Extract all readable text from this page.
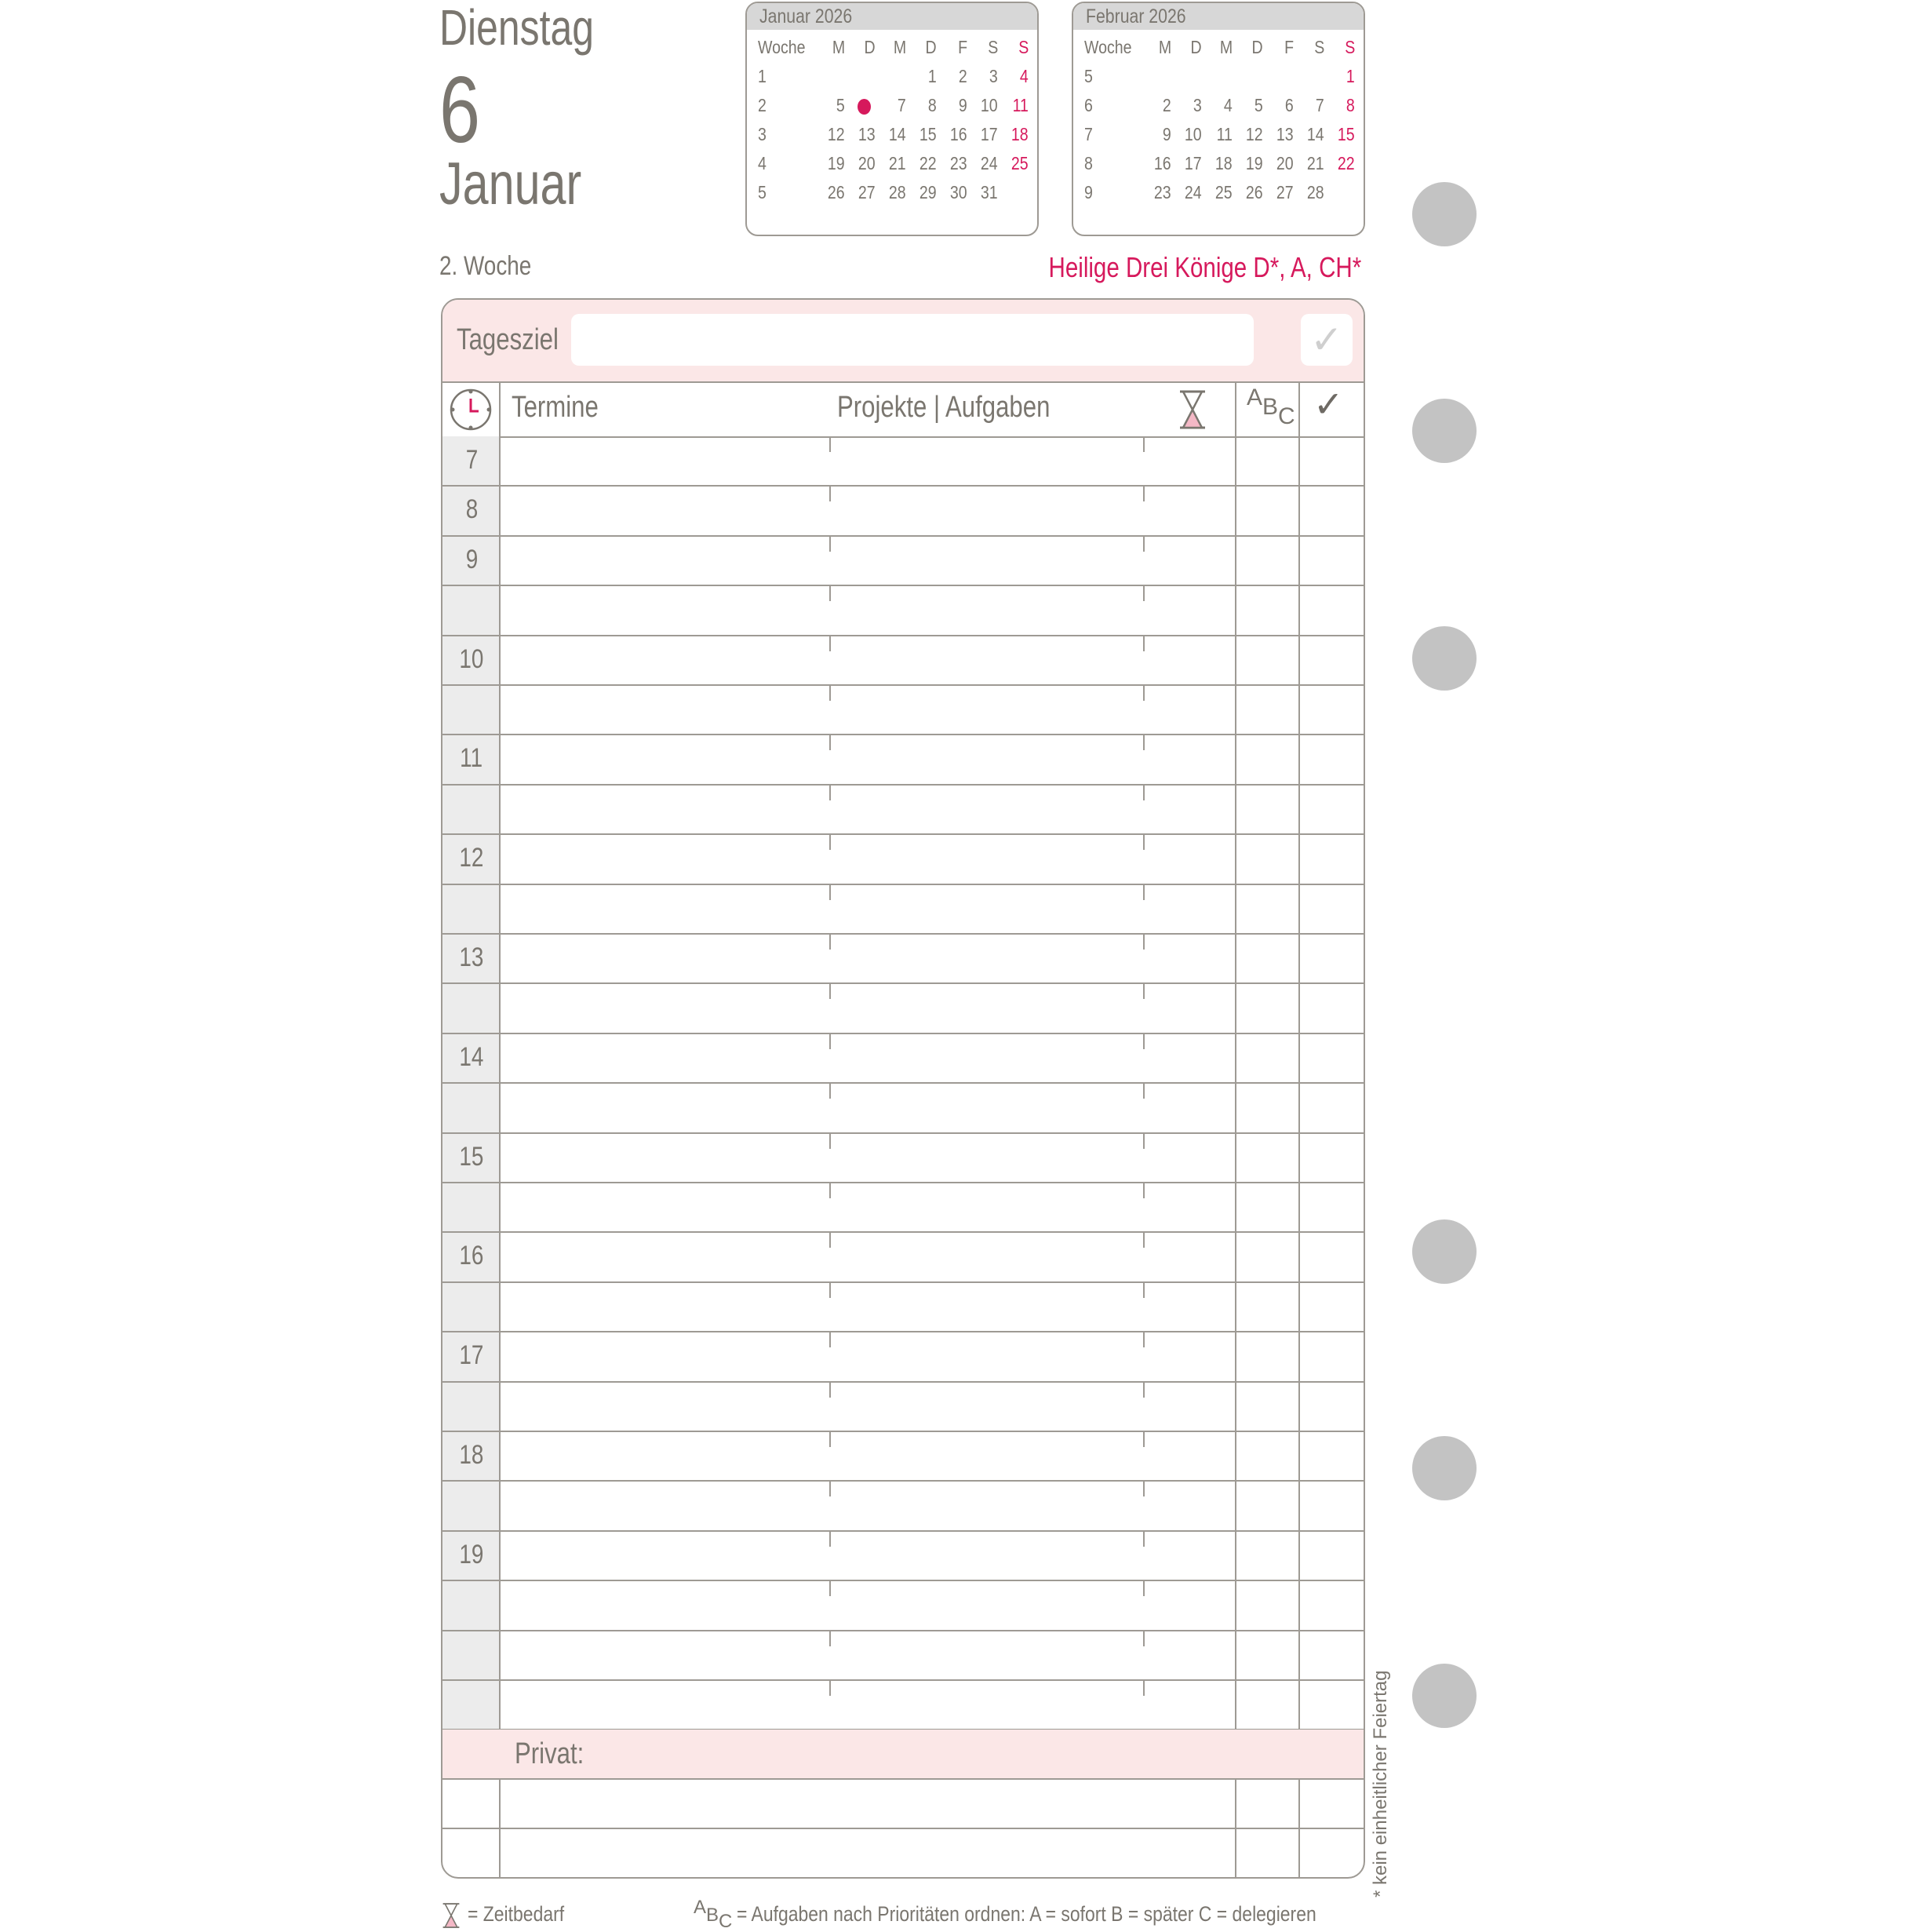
Dienstag
6
Januar
Januar 2026
Woche	M	D	M	D	F	S	S
1				1	2	3	4
2	5		7	8	9	10	11
3	12	13	14	15	16	17	18
4	19	20	21	22	23	24	25
5	26	27	28	29	30	31	
Februar 2026
Woche	M	D	M	D	F	S	S
5							1
6	2	3	4	5	6	7	8
7	9	10	11	12	13	14	15
8	16	17	18	19	20	21	22
9	23	24	25	26	27	28	
2. Woche	Heilige Drei Könige D*, A, CH*
Tagesziel	✓
Termine	Projekte | Aufgaben	ABC ✓
7
8
9
10
11
12
13
14
15
16
17
18
19
Privat:	* kein einheitlicher Feiertag
= Zeitbedarf	ABC = Aufgaben nach Prioritäten ordnen: A = sofort B = später C = delegieren
